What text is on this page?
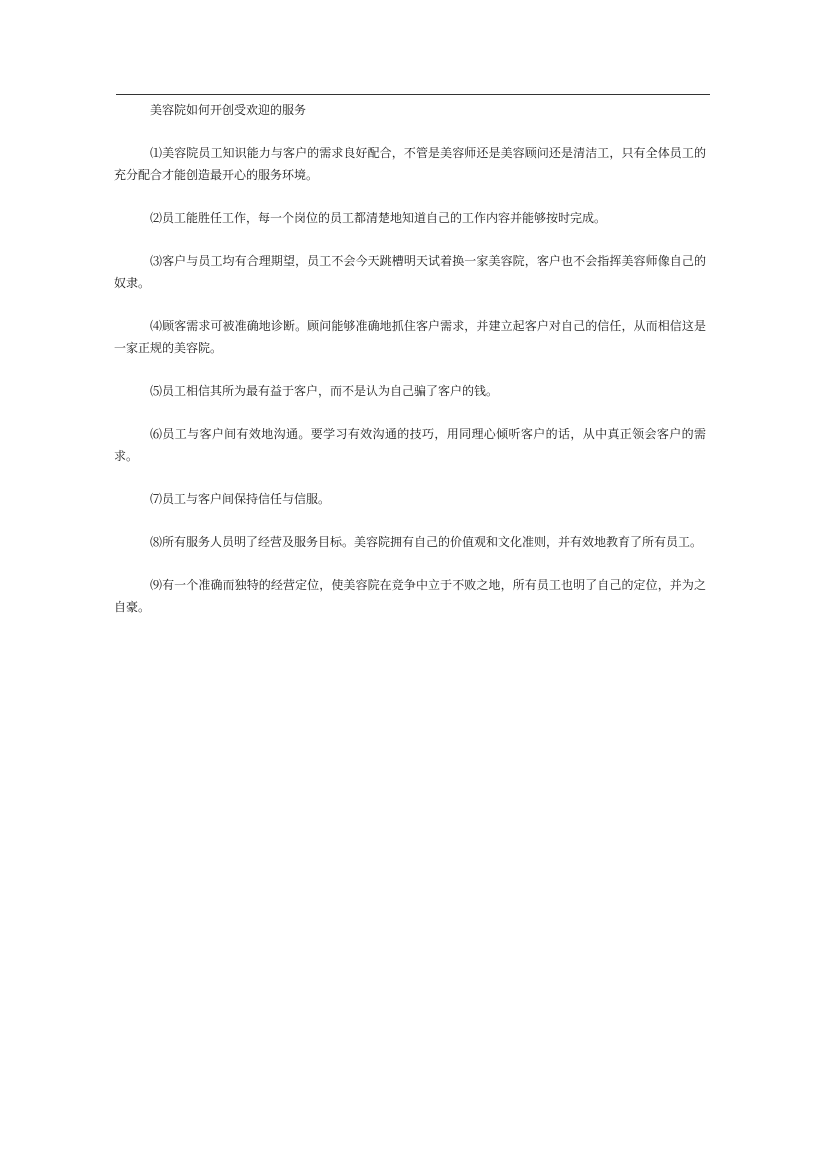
美容院如何开创受欢迎的服务

⑴美容院员工知识能力与客户的需求良好配合，不管是美容师还是美容顾问还是清洁工，只有全体员工的充分配合才能创造最开心的服务环境。

⑵员工能胜任工作，每一个岗位的员工都清楚地知道自己的工作内容并能够按时完成。

⑶客户与员工均有合理期望，员工不会今天跳槽明天试着换一家美容院，客户也不会指挥美容师像自己的奴隶。

⑷顾客需求可被准确地诊断。顾问能够准确地抓住客户需求，并建立起客户对自己的信任，从而相信这是一家正规的美容院。

⑸员工相信其所为最有益于客户，而不是认为自己骗了客户的钱。

⑹员工与客户间有效地沟通。要学习有效沟通的技巧，用同理心倾听客户的话，从中真正领会客户的需求。

⑺员工与客户间保持信任与信服。

⑻所有服务人员明了经营及服务目标。美容院拥有自己的价值观和文化准则，并有效地教育了所有员工。

⑼有一个准确而独特的经营定位，使美容院在竞争中立于不败之地，所有员工也明了自己的定位，并为之自豪。
